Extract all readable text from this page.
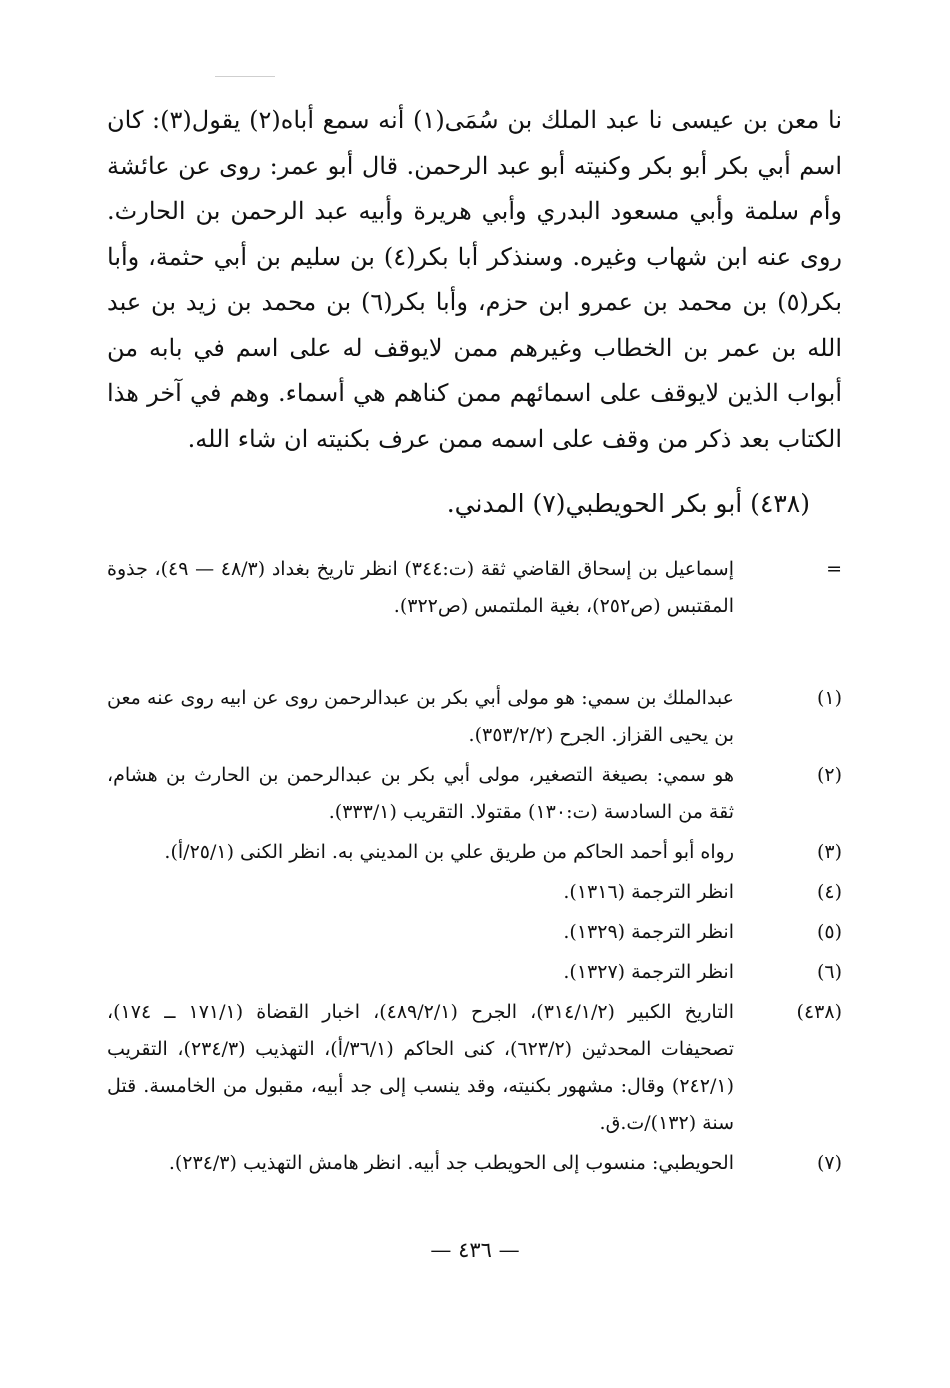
نا معن بن عيسى نا عبد الملك بن سُمَى(١) أنه سمع أباه(٢) يقول(٣): كان اسم أبي بكر أبو بكر وكنيته أبو عبد الرحمن. قال أبو عمر: روى عن عائشة وأم سلمة وأبي مسعود البدري وأبي هريرة وأبيه عبد الرحمن بن الحارث. روى عنه ابن شهاب وغيره. وسنذكر أبا بكر(٤) بن سليم بن أبي حثمة، وأبا بكر(٥) بن محمد بن عمرو ابن حزم، وأبا بكر(٦) بن محمد بن زيد بن عبد الله بن عمر بن الخطاب وغيرهم ممن لايوقف له على اسم في بابه من أبواب الذين لايوقف على اسمائهم ممن كناهم هي أسماء. وهم في آخر هذا الكتاب بعد ذكر من وقف على اسمه ممن عرف بكنيته ان شاء الله.

(٤٣٨) أبو بكر الحويطبي(٧) المدني.

=
إسماعيل بن إسحاق القاضي ثقة (ت:٣٤٤) انظر تاريخ بغداد (٤٨/٣ — ٤٩)، جذوة المقتبس (ص٢٥٢)، بغية الملتمس (ص٣٢٢).
(١)
عبدالملك بن سمي: هو مولى أبي بكر بن عبدالرحمن روى عن ابيه روى عنه معن بن يحيى القزاز. الجرح (٣٥٣/٢/٢).
(٢)
هو سمي: بصيغة التصغير، مولى أبي بكر بن عبدالرحمن بن الحارث بن هشام، ثقة من السادسة (ت:١٣٠) مقتولا. التقريب (٣٣٣/١).
(٣)
رواه أبو أحمد الحاكم من طريق علي بن المديني به. انظر الكنى (٢٥/١/أ).
(٤)
انظر الترجمة (١٣١٦).
(٥)
انظر الترجمة (١٣٢٩).
(٦)
انظر الترجمة (١٣٢٧).
(٤٣٨)
التاريخ الكبير (٣١٤/١/٢)، الجرح (٤٨٩/٢/١)، اخبار القضاة (١٧١/١ ــ ١٧٤)، تصحيفات المحدثين (٦٢٣/٢)، كنى الحاكم (٣٦/١/أ)، التهذيب (٢٣٤/٣)، التقريب (٢٤٢/١) وقال: مشهور بكنيته، وقد ينسب إلى جد أبيه، مقبول من الخامسة. قتل سنة (١٣٢)/ت.ق.
(٧)
الحويطبي: منسوب إلى الحويطب جد أبيه. انظر هامش التهذيب (٢٣٤/٣).
— ٤٣٦ —
